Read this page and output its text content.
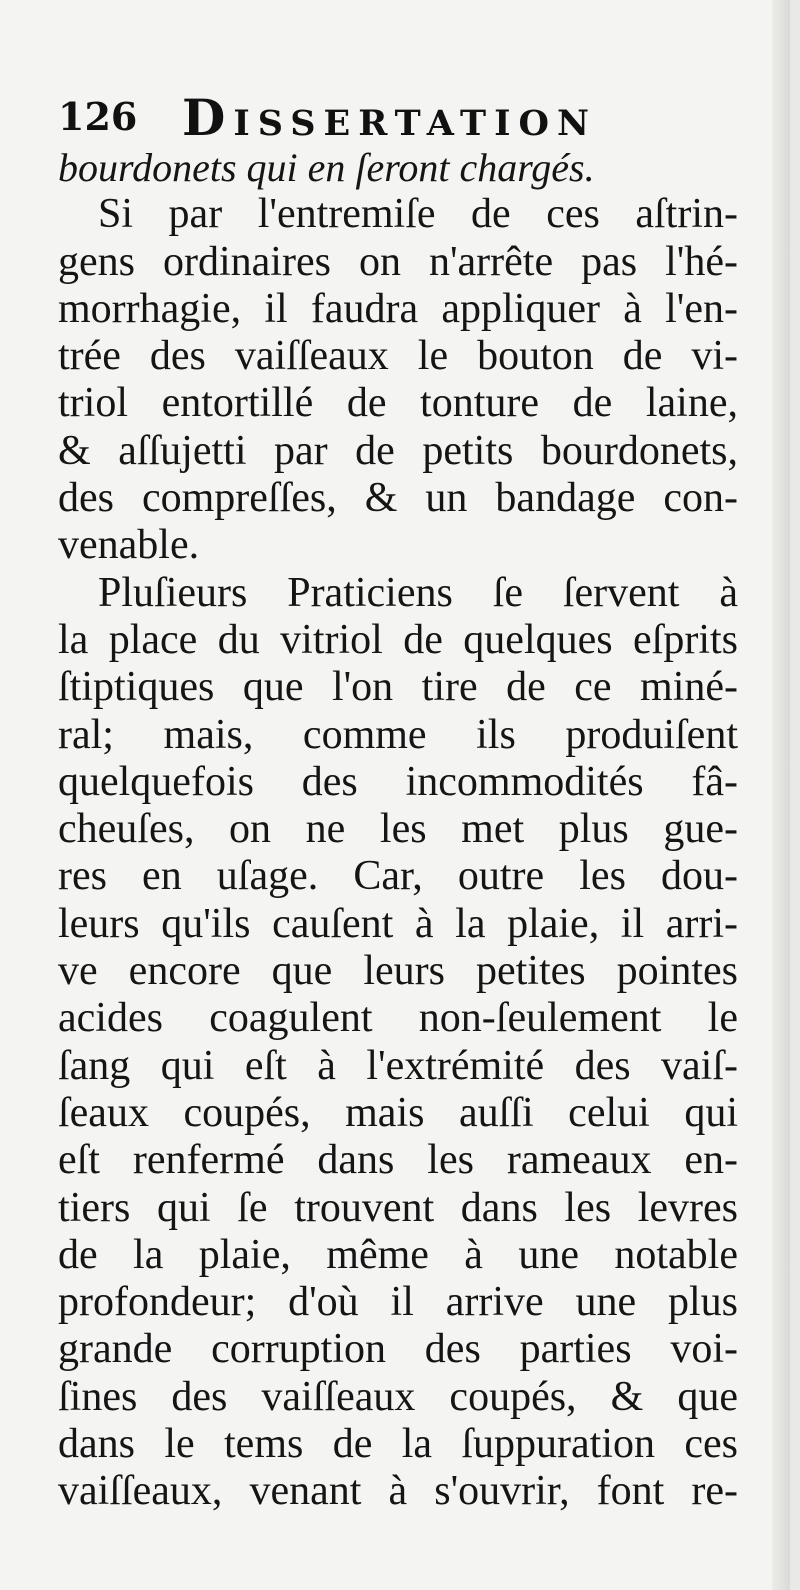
126 Dissertation
bourdonets qui en ſeront chargés.
Si par l'entremiſe de ces aſtrin-
gens ordinaires on n'arrête pas l'hé-
morrhagie, il faudra appliquer à l'en-
trée des vaiſſeaux le bouton de vi-
triol entortillé de tonture de laine,
& aſſujetti par de petits bourdonets,
des compreſſes, & un bandage con-
venable.
Pluſieurs Praticiens ſe ſervent à
la place du vitriol de quelques eſprits
ſtiptiques que l'on tire de ce miné-
ral; mais, comme ils produiſent
quelquefois des incommodités fâ-
cheuſes, on ne les met plus gue-
res en uſage. Car, outre les dou-
leurs qu'ils cauſent à la plaie, il arri-
ve encore que leurs petites pointes
acides coagulent non-ſeulement le
ſang qui eſt à l'extrémité des vaiſ-
ſeaux coupés, mais auſſi celui qui
eſt renfermé dans les rameaux en-
tiers qui ſe trouvent dans les levres
de la plaie, même à une notable
profondeur; d'où il arrive une plus
grande corruption des parties voi-
ſines des vaiſſeaux coupés, & que
dans le tems de la ſuppuration ces
vaiſſeaux, venant à s'ouvrir, font re-
